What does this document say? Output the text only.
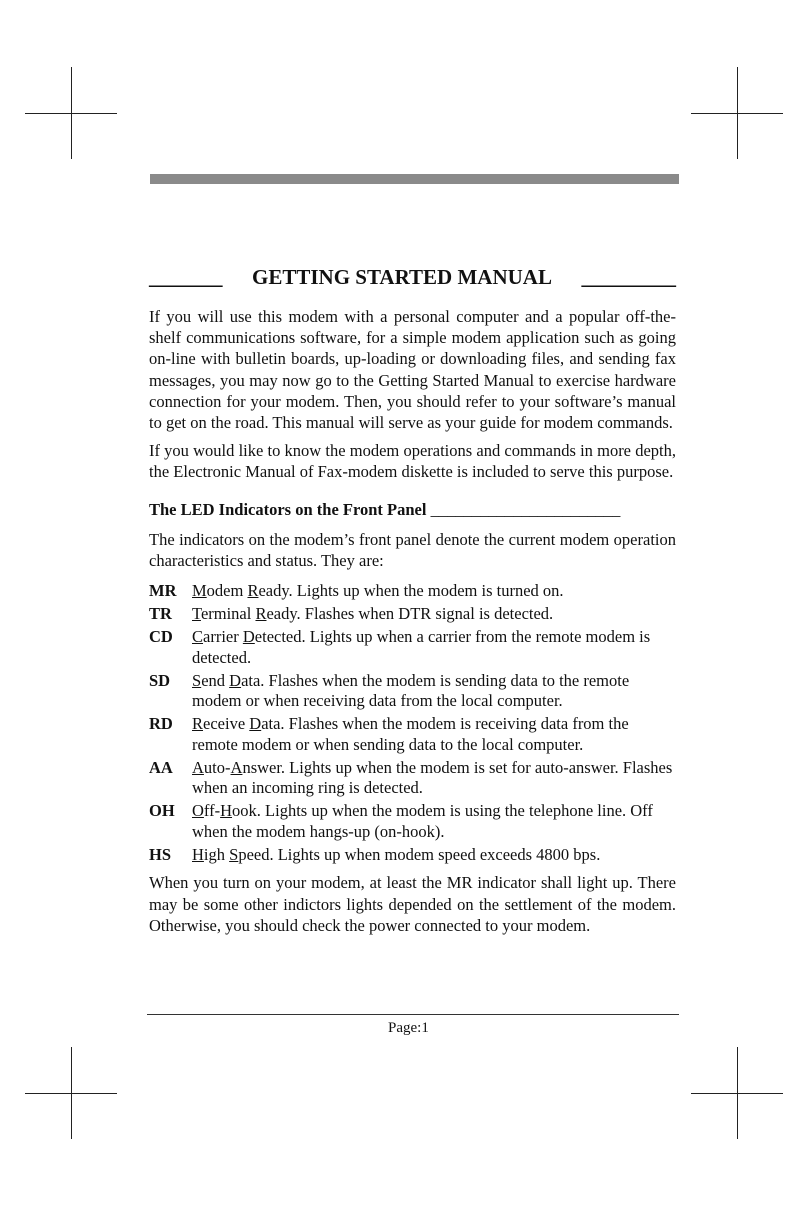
_______ GETTING STARTED MANUAL _________

If you will use this modem with a personal computer and a popular off-the-shelf communications software, for a simple modem application such as going on-line with bulletin boards, up-loading or downloading files, and sending fax messages, you may now go to the Getting Started Manual to exercise hardware connection for your modem. Then, you should refer to your software’s manual to get on the road. This manual will serve as your guide for modem commands.

If you would like to know the modem operations and commands in more depth, the Electronic Manual of Fax-modem diskette is included to serve this purpose.

The LED Indicators on the Front Panel _______________________

The indicators on the modem’s front panel denote the current modem operation characteristics and status. They are:

MR Modem Ready. Lights up when the modem is turned on.
TR	Terminal Ready. Flashes when DTR signal is detected.
CD	Carrier Detected. Lights up when a carrier from the remote modem is detected.
SD	Send Data. Flashes when the modem is sending data to the remote modem or when receiving data from the local computer.
RD	Receive Data. Flashes when the modem is receiving data from the remote modem or when sending data to the local computer.
AA	Auto-Answer. Lights up when the modem is set for auto-answer. Flashes when an incoming ring is detected.
OH	Off-Hook. Lights up when the modem is using the telephone line. Off when the modem hangs-up (on-hook).
HS	High Speed. Lights up when modem speed exceeds 4800 bps.

When you turn on your modem, at least the MR indicator shall light up. There may be some other indictors lights depended on the settlement of the modem. Otherwise, you should check the power connected to your modem.

Page:1
